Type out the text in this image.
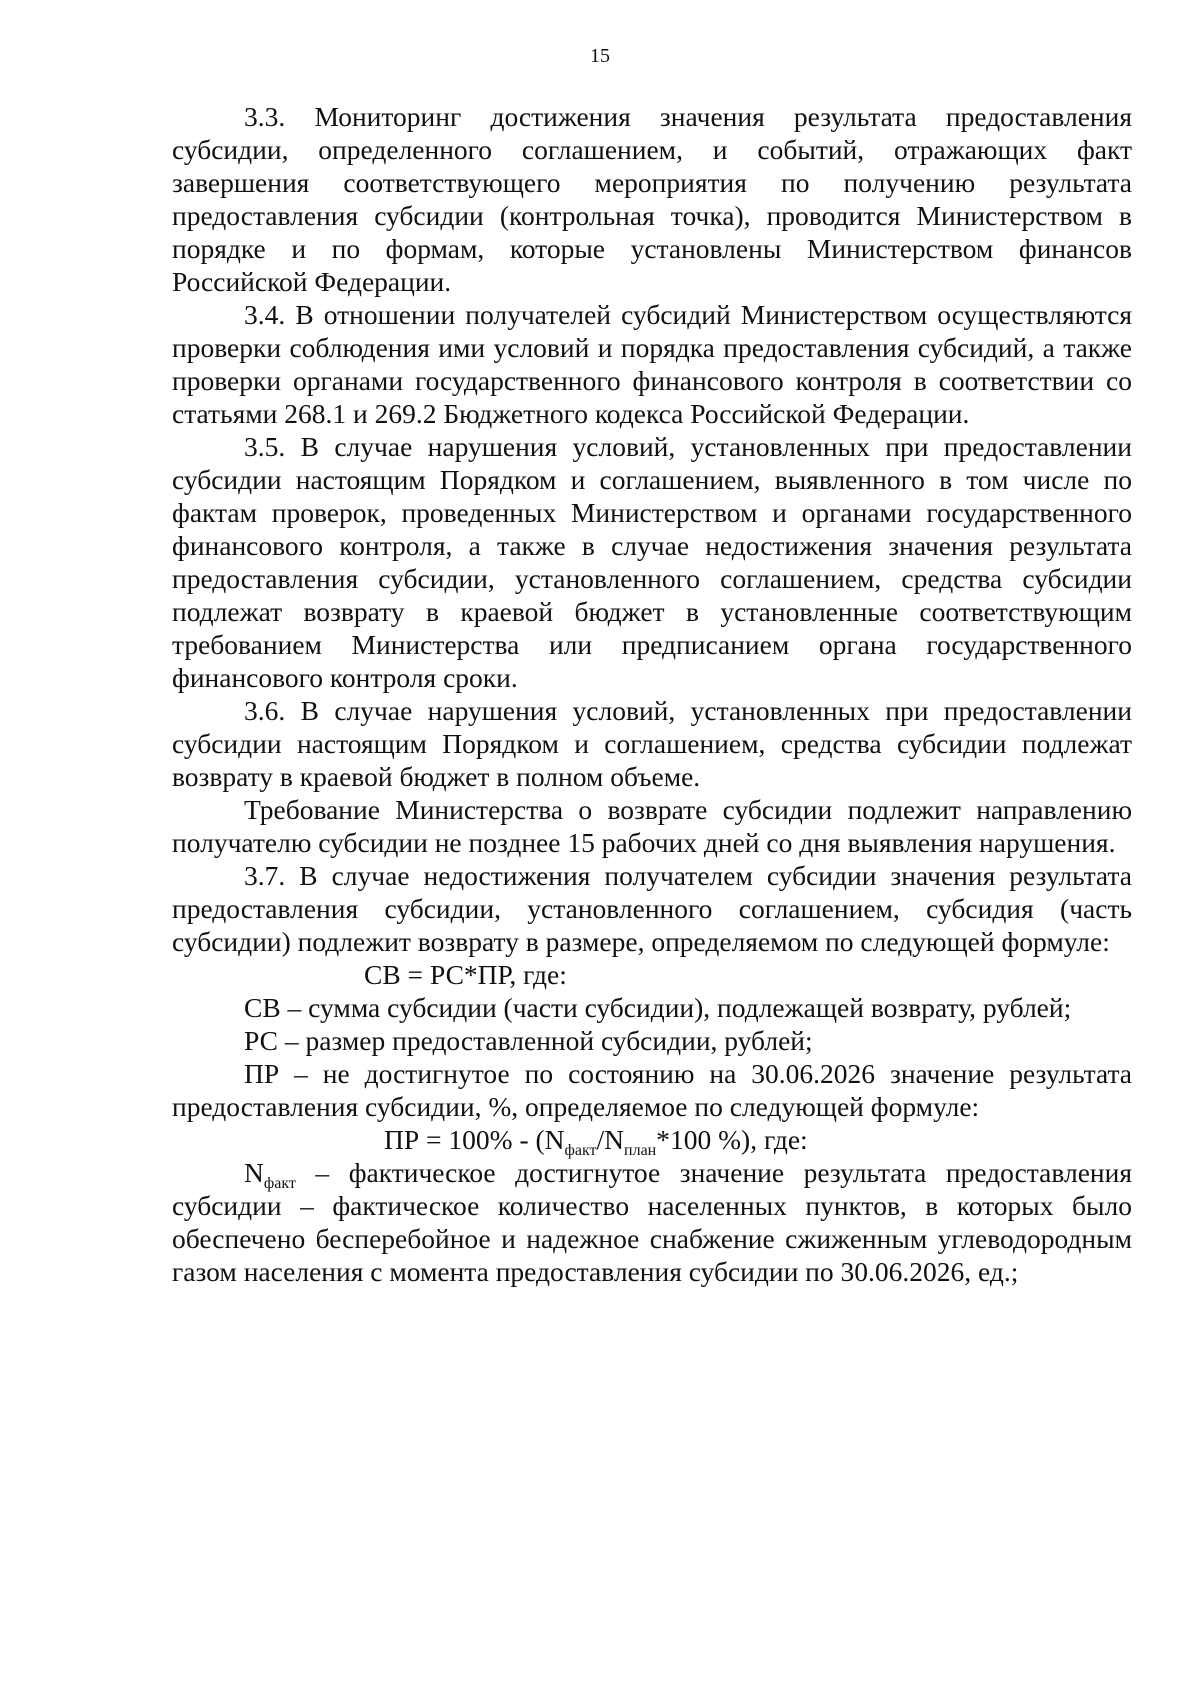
15

3.3. Мониторинг достижения значения результата предоставления субсидии, определенного соглашением, и событий, отражающих факт завершения соответствующего мероприятия по получению результата предоставления субсидии (контрольная точка), проводится Министерством в порядке и по формам, которые установлены Министерством финансов Российской Федерации.

3.4. В отношении получателей субсидий Министерством осуществляются проверки соблюдения ими условий и порядка предоставления субсидий, а также проверки органами государственного финансового контроля в соответствии со статьями 268.1 и 269.2 Бюджетного кодекса Российской Федерации.

3.5. В случае нарушения условий, установленных при предоставлении субсидии настоящим Порядком и соглашением, выявленного в том числе по фактам проверок, проведенных Министерством и органами государственного финансового контроля, а также в случае недостижения значения результата предоставления субсидии, установленного соглашением, средства субсидии подлежат возврату в краевой бюджет в установленные соответствующим требованием Министерства или предписанием органа государственного финансового контроля сроки.

3.6. В случае нарушения условий, установленных при предоставлении субсидии настоящим Порядком и соглашением, средства субсидии подлежат возврату в краевой бюджет в полном объеме.

Требование Министерства о возврате субсидии подлежит направлению получателю субсидии не позднее 15 рабочих дней со дня выявления нарушения.

3.7. В случае недостижения получателем субсидии значения результата предоставления субсидии, установленного соглашением, субсидия (часть субсидии) подлежит возврату в размере, определяемом по следующей формуле:

СВ = РС*ПР, где:

СВ – сумма субсидии (части субсидии), подлежащей возврату, рублей;

РС – размер предоставленной субсидии, рублей;

ПР – не достигнутое по состоянию на 30.06.2026 значение результата предоставления субсидии, %, определяемое по следующей формуле:

ПР = $100\% - (N_{факт}/N_{план}*100$ %), где:

$N_{факт}$ – фактическое достигнутое значение результата предоставления субсидии – фактическое количество населенных пунктов, в которых было обеспечено бесперебойное и надежное снабжение сжиженным углеводородным газом населения с момента предоставления субсидии по 30.06.2026, ед.;
